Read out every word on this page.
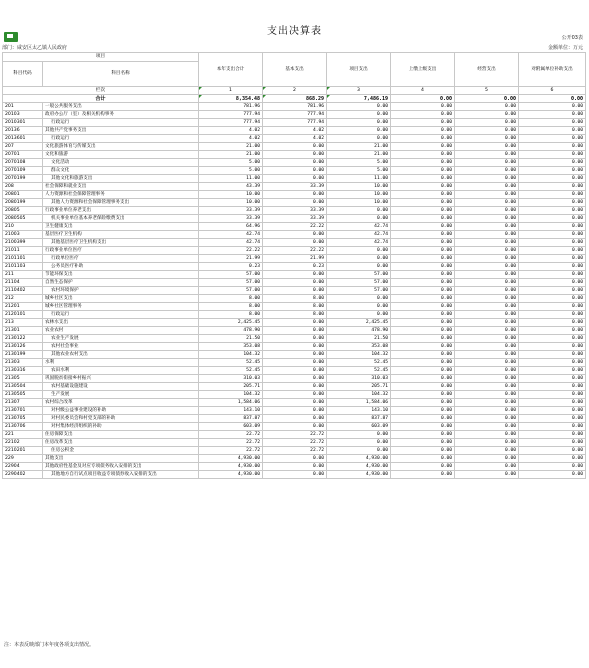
支出决算表
公开03表
部门：咸安区太乙镇人民政府	金额单位：万元
项目		本年支出合计	基本支出	项目支出	上缴上级支出	经营支出	对附属单位补助支出
科目代码	科目名称						
栏次		1	2	3	4	5	6
合计		8,354.48	868.29	7,486.19	0.00	0.00	0.00
201	一般公共服务支出	781.96	781.96	0.00	0.00	0.00	0.00
20103	政府办公厅（室）及相关机构事务	777.94	777.94	0.00	0.00	0.00	0.00
2010301	行政运行	777.94	777.94	0.00	0.00	0.00	0.00
20136	其他共产党事务支出	4.02	4.02	0.00	0.00	0.00	0.00
2013601	行政运行	4.02	4.02	0.00	0.00	0.00	0.00
207	文化旅游体育与传媒支出	21.00	0.00	21.00	0.00	0.00	0.00
20701	文化和旅游	21.00	0.00	21.00	0.00	0.00	0.00
2070108	文化活动	5.00	0.00	5.00	0.00	0.00	0.00
2070109	群众文化	5.00	0.00	5.00	0.00	0.00	0.00
2070199	其他文化和旅游支出	11.00	0.00	11.00	0.00	0.00	0.00
208	社会保障和就业支出	43.39	33.39	10.00	0.00	0.00	0.00
20801	人力资源和社会保障管理事务	10.00	0.00	10.00	0.00	0.00	0.00
2080199	其他人力资源和社会保障管理事务支出	10.00	0.00	10.00	0.00	0.00	0.00
20805	行政事业单位养老支出	33.39	33.39	0.00	0.00	0.00	0.00
2080505	机关事业单位基本养老保险缴费支出	33.39	33.39	0.00	0.00	0.00	0.00
210	卫生健康支出	64.96	22.22	42.74	0.00	0.00	0.00
21003	基层医疗卫生机构	42.74	0.00	42.74	0.00	0.00	0.00
2100399	其他基层医疗卫生机构支出	42.74	0.00	42.74	0.00	0.00	0.00
21011	行政事业单位医疗	22.22	22.22	0.00	0.00	0.00	0.00
2101101	行政单位医疗	21.99	21.99	0.00	0.00	0.00	0.00
2101103	公务员医疗补助	0.23	0.23	0.00	0.00	0.00	0.00
211	节能环保支出	57.00	0.00	57.00	0.00	0.00	0.00
21104	自然生态保护	57.00	0.00	57.00	0.00	0.00	0.00
2110402	农村环境保护	57.00	0.00	57.00	0.00	0.00	0.00
212	城乡社区支出	8.00	8.00	0.00	0.00	0.00	0.00
21201	城乡社区管理事务	8.00	8.00	0.00	0.00	0.00	0.00
2120101	行政运行	8.00	8.00	0.00	0.00	0.00	0.00
213	农林水支出	2,425.45	0.00	2,425.45	0.00	0.00	0.00
21301	农业农村	478.90	0.00	478.90	0.00	0.00	0.00
2130122	农业生产发展	21.50	0.00	21.50	0.00	0.00	0.00
2130126	农村社会事业	353.08	0.00	353.08	0.00	0.00	0.00
2130199	其他农业农村支出	104.32	0.00	104.32	0.00	0.00	0.00
21303	水利	52.45	0.00	52.45	0.00	0.00	0.00
2130316	农田水利	52.45	0.00	52.45	0.00	0.00	0.00
21305	巩固脱贫衔接乡村振兴	310.03	0.00	310.03	0.00	0.00	0.00
2130504	农村基础设施建设	205.71	0.00	205.71	0.00	0.00	0.00
2130505	生产发展	104.32	0.00	104.32	0.00	0.00	0.00
21307	农村综合改革	1,584.06	0.00	1,584.06	0.00	0.00	0.00
2130701	对村级公益事业建设的补助	143.10	0.00	143.10	0.00	0.00	0.00
2130705	对村民委员会和村党支部的补助	837.87	0.00	837.87	0.00	0.00	0.00
2130706	对村集体经济组织的补助	603.09	0.00	603.09	0.00	0.00	0.00
221	住房保障支出	22.72	22.72	0.00	0.00	0.00	0.00
22102	住房改革支出	22.72	22.72	0.00	0.00	0.00	0.00
2210201	住房公积金	22.72	22.72	0.00	0.00	0.00	0.00
229	其他支出	4,930.00	0.00	4,930.00	0.00	0.00	0.00
22904	其他政府性基金及对应专项债务收入安排的支出	4,930.00	0.00	4,930.00	0.00	0.00	0.00
2290402	其他地方自行试点项目收益专项债券收入安排的支出	4,930.00	0.00	4,930.00	0.00	0.00	0.00
注：本表反映部门本年度各项支出情况。
